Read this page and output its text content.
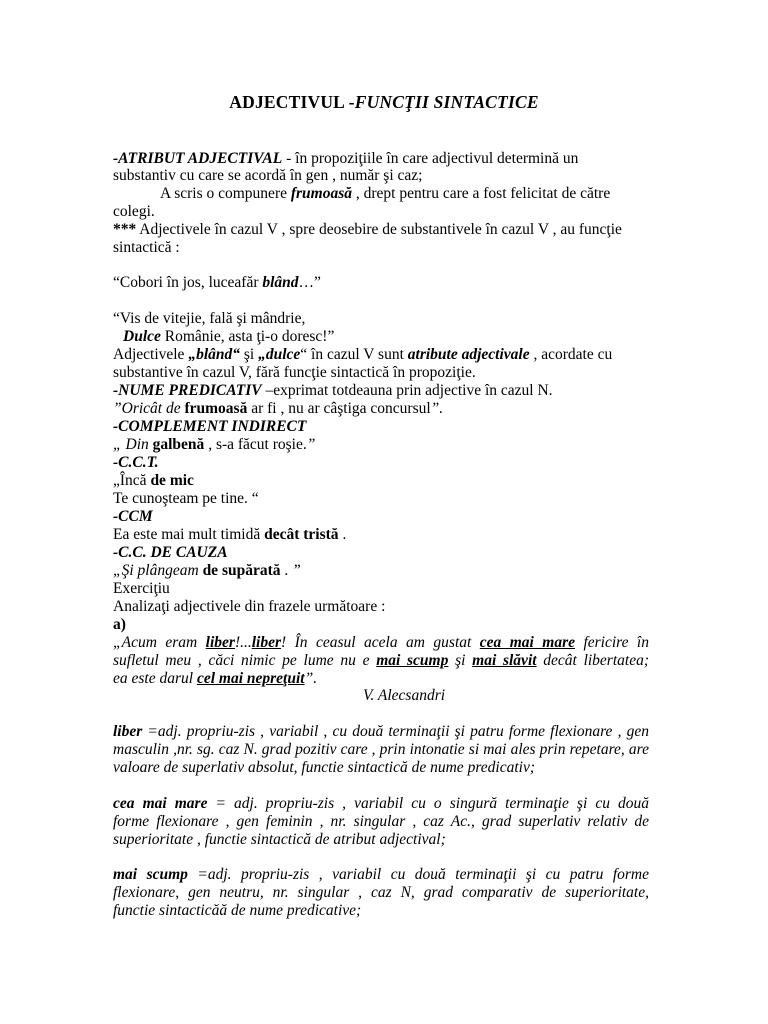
ADJECTIVUL -FUNCŢII SINTACTICE
-ATRIBUT ADJECTIVAL - în propoziţiile în care adjectivul determină un
substantiv cu care se acordă în gen , număr şi caz;
A scris o compunere frumoasă , drept pentru care a fost felicitat de către
colegi.
*** Adjectivele în cazul V , spre deosebire de substantivele în cazul V , au funcţie
sintactică :
“Cobori în jos, luceafăr blând…”
“Vis de vitejie, fală şi mândrie,
Dulce Românie, asta ţi-o doresc!”
Adjectivele „blând“ şi „dulce“ în cazul V sunt atribute adjectivale , acordate cu
substantive în cazul V, fără funcţie sintactică în propoziţie.
-NUME PREDICATIV –exprimat totdeauna prin adjective în cazul N.
”Oricât de frumoasă ar fi , nu ar câştiga concursul”.
-COMPLEMENT INDIRECT
„ Din galbenă , s-a făcut roşie.”
-C.C.T.
„Încă de mic
Te cunoşteam pe tine. “
-CCM
Ea este mai mult timidă decât tristă .
-C.C. DE CAUZA
„Şi plângeam de supărată . ”
Exerciţiu
Analizaţi adjectivele din frazele următoare :
a)
„Acum eram liber!...liber! În ceasul acela am gustat cea mai mare fericire în
sufletul meu , căci nimic pe lume nu e mai scump şi mai slăvit decât libertatea;
ea este darul cel mai nepreţuit”.
V. Alecsandri
liber =adj. propriu-zis , variabil , cu două terminaţii şi patru forme flexionare , gen
masculin ,nr. sg. caz N. grad pozitiv care , prin intonatie si mai ales prin repetare, are
valoare de superlativ absolut, functie sintactică de nume predicativ;
cea mai mare = adj. propriu-zis , variabil cu o singură terminaţie şi cu două
forme flexionare , gen feminin , nr. singular , caz Ac., grad superlativ relativ de
superioritate , functie sintactică de atribut adjectival;
mai scump =adj. propriu-zis , variabil cu două terminaţii şi cu patru forme
flexionare, gen neutru, nr. singular , caz N, grad comparativ de superioritate,
functie sintacticăă de nume predicative;
